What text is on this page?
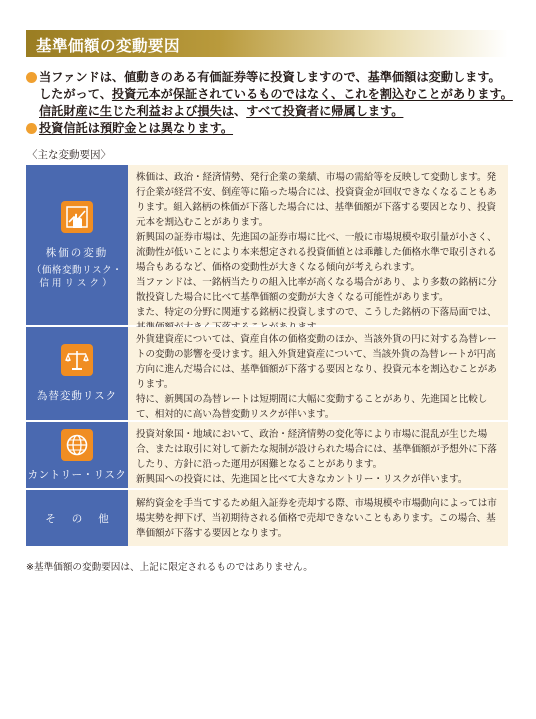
基準価額の変動要因
当ファンドは、値動きのある有価証券等に投資しますので、基準価額は変動します。
したがって、投資元本が保証されているものではなく、これを割込むことがあります。
信託財産に生じた利益および損失は、すべて投資者に帰属します。
投資信託は預貯金とは異なります。
〈主な変動要因〉
株価の変動
（価格変動リスク・
信用リスク）

株価は、政治・経済情勢、発行企業の業績、市場の需給等を反映して変動します。発行企業が経営不安、倒産等に陥った場合には、投資資金が回収できなくなることもあります。組入銘柄の株価が下落した場合には、基準価額が下落する要因となり、投資元本を割込むことがあります。

新興国の証券市場は、先進国の証券市場に比べ、一般に市場規模や取引量が小さく、流動性が低いことにより本来想定される投資価値とは乖離した価格水準で取引される場合もあるなど、価格の変動性が大きくなる傾向が考えられます。

当ファンドは、一銘柄当たりの組入比率が高くなる場合があり、より多数の銘柄に分散投資した場合に比べて基準価額の変動が大きくなる可能性があります。

また、特定の分野に関連する銘柄に投資しますので、こうした銘柄の下落局面では、

為替変動リスク

外貨建資産については、資産自体の価格変動のほか、当該外貨の円に対する為替レートの変動の影響を受けます。組入外貨建資産について、当該外貨の為替レートが円高方向に進んだ場合には、基準価額が下落する要因となり、投資元本を割込むことがあります。

特に、新興国の為替レートは短期間に大幅に変動することがあり、先進国と比較して、相対的に高い為替変動リスクが伴います。

カントリー・リスク

投資対象国・地域において、政治・経済情勢の変化等により市場に混乱が生じた場合、または取引に対して新たな規制が設けられた場合には、基準価額が予想外に下落したり、方針に沿った運用が困難となることがあります。

新興国への投資には、先進国と比べて大きなカントリー・リスクが伴います。

その他

解約資金を手当てするため組入証券を売却する際、市場規模や市場動向によっては市場実勢を押下げ、当初期待される価格で売却できないこともあります。この場合、基準価額が下落する要因となります。

※基準価額の変動要因は、上記に限定されるものではありません。
